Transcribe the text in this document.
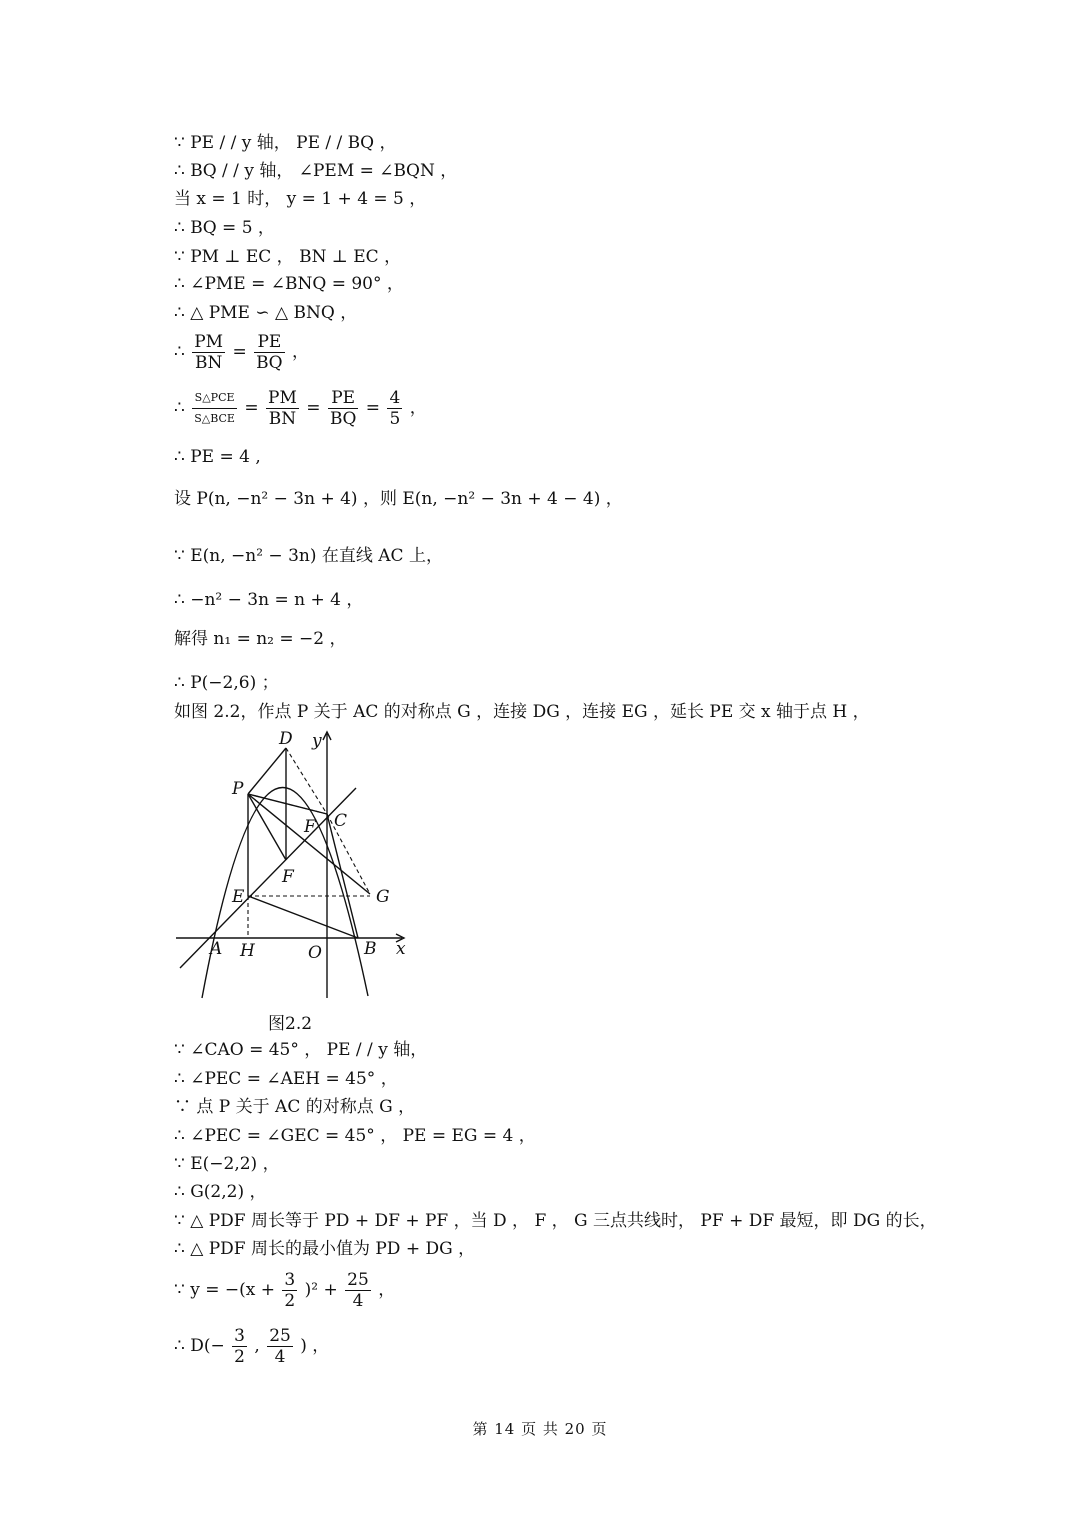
∵ PE / / y 轴， PE / / BQ ，
∴ BQ / / y 轴， ∠PEM = ∠BQN ，
当 x = 1 时， y = 1 + 4 = 5 ，
∴ BQ = 5 ，
∵ PM ⊥ EC ， BN ⊥ EC ，
∴ ∠PME = ∠BNQ = 90° ，
∴ △ PME ∽ △ BNQ ，
∴ $\frac{PM}{BN} = \frac{PE}{BQ}$ ，
∴
S△PCE
S△BCE
= $\frac{PM}{BN} = \frac{PE}{BQ} = \frac{4}{5}$ ，
∴ PE = 4 ,
设 P(n, −n² − 3n + 4) ，则 E(n, −n² − 3n + 4 − 4) ，
∵ E(n, −n² − 3n) 在直线 AC 上，
∴ −n² − 3n = n + 4 ，
解得 n₁ = n₂ = −2 ，
∴ P(−2,6) ；
如图 2.2，作点 P 关于 AC 的对称点 G ，连接 DG ，连接 EG ，延长 PE 交 x 轴于点 H ，
D y
P
F C
F
E	G
A H	O B x
图2.2
∵ ∠CAO = 45° ， PE / / y 轴，
∴ ∠PEC = ∠AEH = 45° ，
∵ 点 P 关于 AC 的对称点 G ，
∴ ∠PEC = ∠GEC = 45° ， PE = EG = 4 ，
∵ E(−2,2) ，
∴ G(2,2) ，
∵ △ PDF 周长等于 PD + DF + PF ，当 D ， F ， G 三点共线时， PF + DF 最短，即 DG 的长，
∴ △ PDF 周长的最小值为 PD + DG ，
∵ $y = -(x + \frac{3}{2} )^2 + \frac{25}{4}$ ，
∴ $D(- \frac{3}{2}$ , $\frac{25}{4}$ ) ，
第 14 页 共 20 页
